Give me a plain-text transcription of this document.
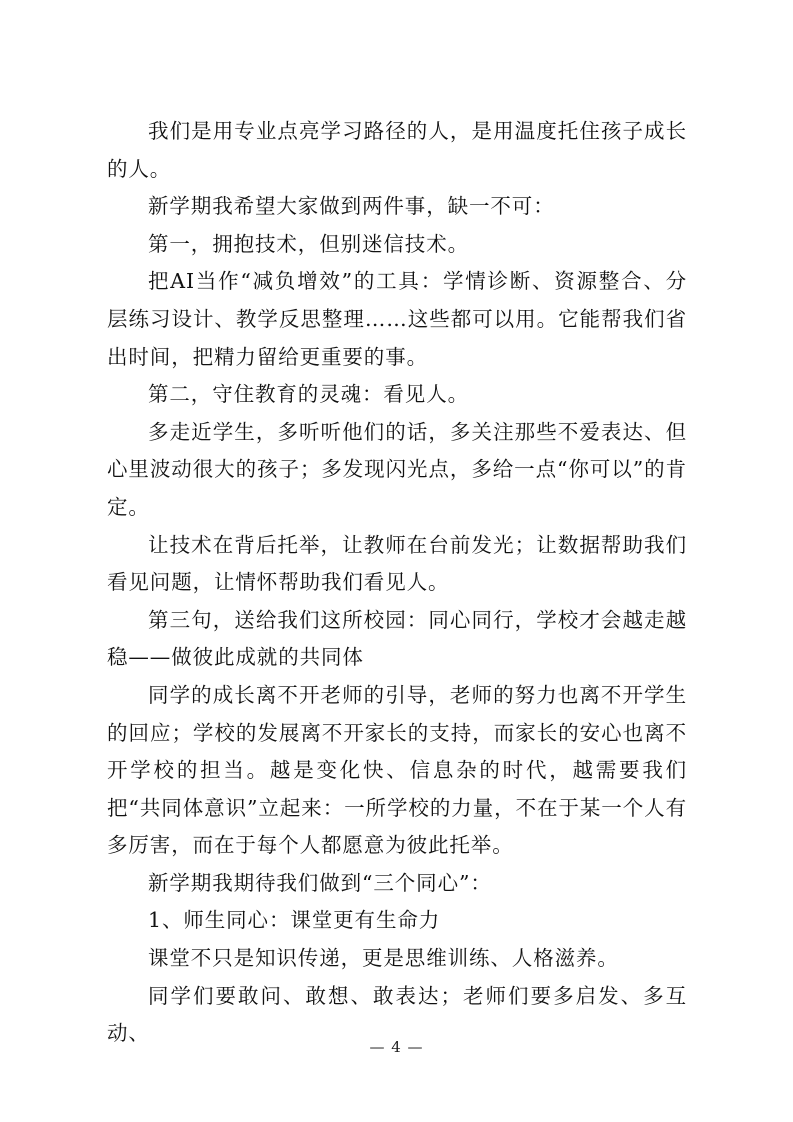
我们是用专业点亮学习路径的人，是用温度托住孩子成长的人。

新学期我希望大家做到两件事，缺一不可：

第一，拥抱技术，但别迷信技术。

把AI当作“减负增效”的工具：学情诊断、资源整合、分层练习设计、教学反思整理……这些都可以用。它能帮我们省出时间，把精力留给更重要的事。

第二，守住教育的灵魂：看见人。

多走近学生，多听听他们的话，多关注那些不爱表达、但心里波动很大的孩子；多发现闪光点，多给一点“你可以”的肯定。

让技术在背后托举，让教师在台前发光；让数据帮助我们看见问题，让情怀帮助我们看见人。

第三句，送给我们这所校园：同心同行，学校才会越走越稳——做彼此成就的共同体

同学的成长离不开老师的引导，老师的努力也离不开学生的回应；学校的发展离不开家长的支持，而家长的安心也离不开学校的担当。越是变化快、信息杂的时代，越需要我们把“共同体意识”立起来：一所学校的力量，不在于某一个人有多厉害，而在于每个人都愿意为彼此托举。

新学期我期待我们做到“三个同心”：

1、师生同心：课堂更有生命力

课堂不只是知识传递，更是思维训练、人格滋养。

同学们要敢问、敢想、敢表达；老师们要多启发、多互动、

— 4 —
